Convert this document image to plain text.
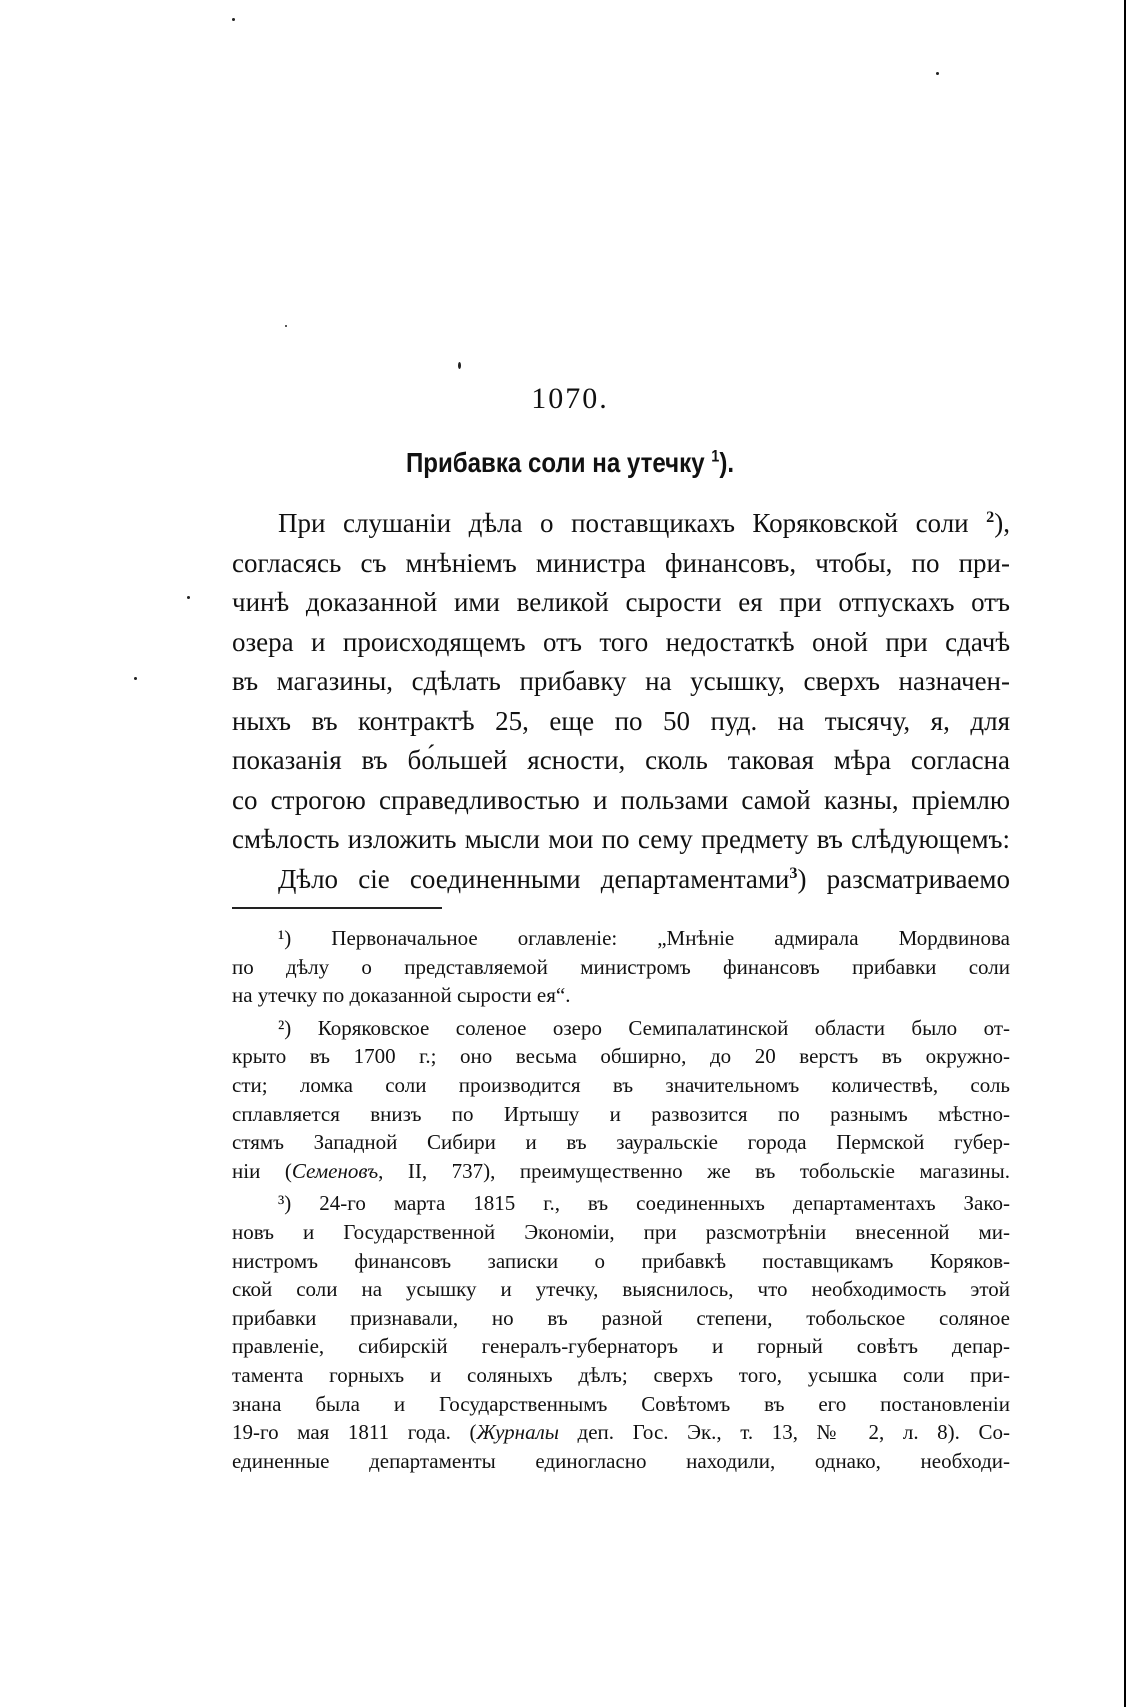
1070.
Прибавка соли на утечку $^1$).
При слушаніи дѣла о поставщикахъ Коряковской соли $^2$),
согласясь съ мнѣніемъ министра финансовъ, чтобы, по при-
чинѣ доказанной ими великой сырости ея при отпускахъ отъ
озера и происходящемъ отъ того недостаткѣ оной при сдачѣ
въ магазины, сдѣлать прибавку на усышку, сверхъ назначен-
ныхъ въ контрактѣ 25, еще по 50 пуд. на тысячу, я, для
показанія въ бо́льшей ясности, сколь таковая мѣра согласна
со строгою справедливостью и пользами самой казны, пріемлю
смѣлость изложить мысли мои по сему предмету въ слѣдующемъ:
Дѣло сіе соединенными департаментами$^3$) разсматриваемо
¹) Первоначальное оглавленіе: „Мнѣніе адмирала Мордвинова
по дѣлу о представляемой министромъ финансовъ прибавки соли
на утечку по доказанной сырости ея“.
²) Коряковское соленое озеро Семипалатинской области было от-
крыто въ 1700 г.; оно весьма обширно, до 20 верстъ въ окружно-
сти; ломка соли производится въ значительномъ количествѣ, соль
сплавляется внизъ по Иртышу и развозится по разнымъ мѣстно-
стямъ Западной Сибири и въ зауральскіе города Пермской губер-
ніи (Семеновъ, II, 737), преимущественно же въ тобольскіе магазины.
³) 24-го марта 1815 г., въ соединенныхъ департаментахъ Зако-
новъ и Государственной Экономіи, при разсмотрѣніи внесенной ми-
нистромъ финансовъ записки о прибавкѣ поставщикамъ Коряков-
ской соли на усышку и утечку, выяснилось, что необходимость этой
прибавки признавали, но въ разной степени, тобольское соляное
правленіе, сибирскій генералъ-губернаторъ и горный совѣтъ депар-
тамента горныхъ и соляныхъ дѣлъ; сверхъ того, усышка соли при-
знана была и Государственнымъ Совѣтомъ въ его постановленіи
19-го мая 1811 года. (Журналы деп. Гос. Эк., т. 13, № 2, л. 8). Со-
единенные департаменты единогласно находили, однако, необходи-
